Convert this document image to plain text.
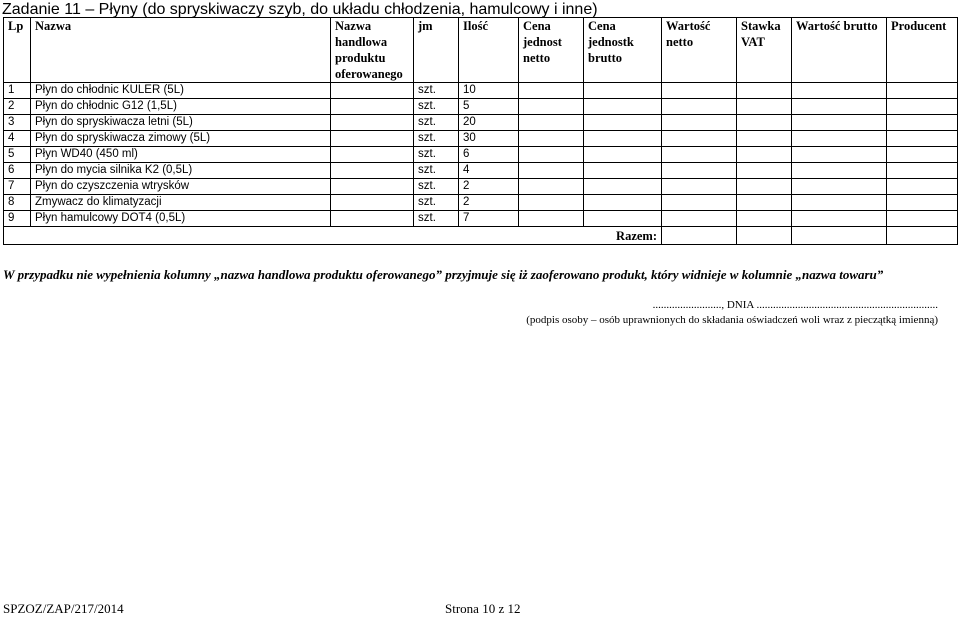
Zadanie 11 – Płyny (do spryskiwaczy szyb, do układu chłodzenia, hamulcowy i inne)
Lp	Nazwa	Nazwa handlowa produktu oferowanego	jm	Ilość	Cena jednost netto	Cena jednostk brutto	Wartość netto	Stawka VAT	Wartość brutto	Producent
1	Płyn do chłodnic KULER (5L)		szt.	10						
2	Płyn do chłodnic G12 (1,5L)		szt.	5						
3	Płyn do spryskiwacza letni (5L)		szt.	20						
4	Płyn do spryskiwacza zimowy (5L)		szt.	30						
5	Płyn WD40 (450 ml)		szt.	6						
6	Płyn do mycia silnika K2 (0,5L)		szt.	4						
7	Płyn do czyszczenia wtrysków		szt.	2						
8	Zmywacz do klimatyzacji		szt.	2						
9	Płyn hamulcowy DOT4 (0,5L)		szt.	7						
Razem:										
W przypadku nie wypełnienia kolumny „nazwa handlowa produktu oferowanego” przyjmuje się iż zaoferowano produkt, który widnieje w kolumnie „nazwa towaru”
........................., DNIA ..................................................................
(podpis osoby – osób uprawnionych do składania oświadczeń woli wraz z pieczątką imienną)
SPZOZ/ZAP/217/2014	Strona 10 z 12
